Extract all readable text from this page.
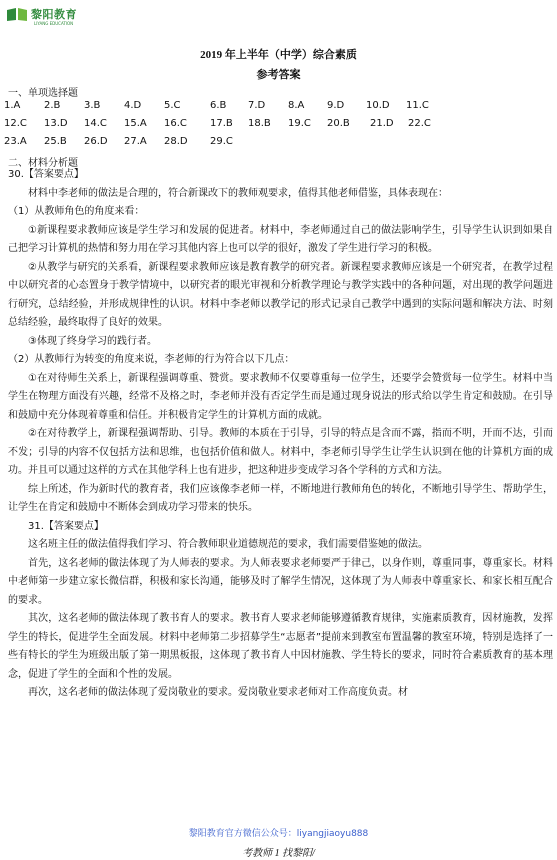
黎阳教育
LIYANG EDUCATION
2019 年上半年（中学）综合素质
参考答案
一、单项选择题
1.A 2.B 3.B 4.D 5.C	6.B 7.D 8.A 9.D 10.D 11.C
12.C 13.D 14.C 15.A 16.C 17.B 18.B 19.C 20.B 21.D 22.C
23.A 25.B 26.D 27.A 28.D 29.C
二、材料分析题

30.【答案要点】

材料中李老师的做法是合理的，符合新课改下的教师观要求，值得其他老师借鉴，具体表现在：

（1）从教师角色的角度来看：

①新课程要求教师应该是学生学习和发展的促进者。材料中，李老师通过自己的做法影响学生，引导学生认识到如果自己把学习计算机的热情和努力用在学习其他内容上也可以学的很好，激发了学生进行学习的积极。

②从教学与研究的关系看，新课程要求教师应该是教育教学的研究者。新课程要求教师应该是一个研究者，在教学过程中以研究者的心态置身于教学情境中，以研究者的眼光审视和分析教学理论与教学实践中的各种问题，对出现的教学问题进行研究，总结经验，并形成规律性的认识。材料中李老师以教学记的形式记录自己教学中遇到的实际问题和解决方法、时刻总结经验，最终取得了良好的效果。

③体现了终身学习的践行者。

（2）从教师行为转变的角度来说，李老师的行为符合以下几点：

①在对待师生关系上，新课程强调尊重、赞赏。要求教师不仅要尊重每一位学生，还要学会赞赏每一位学生。材料中当学生在物理方面没有兴趣，经常不及格之时，李老师并没有否定学生而是通过现身说法的形式给以学生肯定和鼓励。在引导和鼓励中充分体现着尊重和信任。并积极肯定学生的计算机方面的成就。

②在对待教学上，新课程强调帮助、引导。教师的本质在于引导，引导的特点是含而不露，指而不明，开而不达，引而不发；引导的内容不仅包括方法和思维，也包括价值和做人。材料中，李老师引导学生让学生认识到在他的计算机方面的成功。并且可以通过这样的方式在其他学科上也有进步，把这种进步变成学习各个学科的方式和方法。

综上所述，作为新时代的教育者，我们应该像李老师一样，不断地进行教师角色的转化，不断地引导学生、帮助学生，让学生在肯定和鼓励中不断体会到成功学习带来的快乐。

31.【答案要点】

这名班主任的做法值得我们学习、符合教师职业道德规范的要求，我们需要借鉴她的做法。

首先，这名老师的做法体现了为人师表的要求。为人师表要求老师要严于律己，以身作则，尊重同事，尊重家长。材料中老师第一步建立家长微信群，积极和家长沟通，能够及时了解学生情况，这体现了为人师表中尊重家长、和家长相互配合的要求。

其次，这名老师的做法体现了教书育人的要求。教书育人要求老师能够遵循教育规律，实施素质教育，因材施教，发挥学生的特长，促进学生全面发展。材料中老师第二步招募学生“志愿者”提前来到教室布置温馨的教室环境，特别是选择了一些有特长的学生为班级出版了第一期黑板报，这体现了教书育人中因材施教、学生特长的要求，同时符合素质教育的基本理念，促进了学生的全面和个性的发展。

再次，这名老师的做法体现了爱岗敬业的要求。爱岗敬业要求老师对工作高度负责。材

黎阳教育官方微信公众号：liyangjiaoyu888
考教师 1 找黎阳/
